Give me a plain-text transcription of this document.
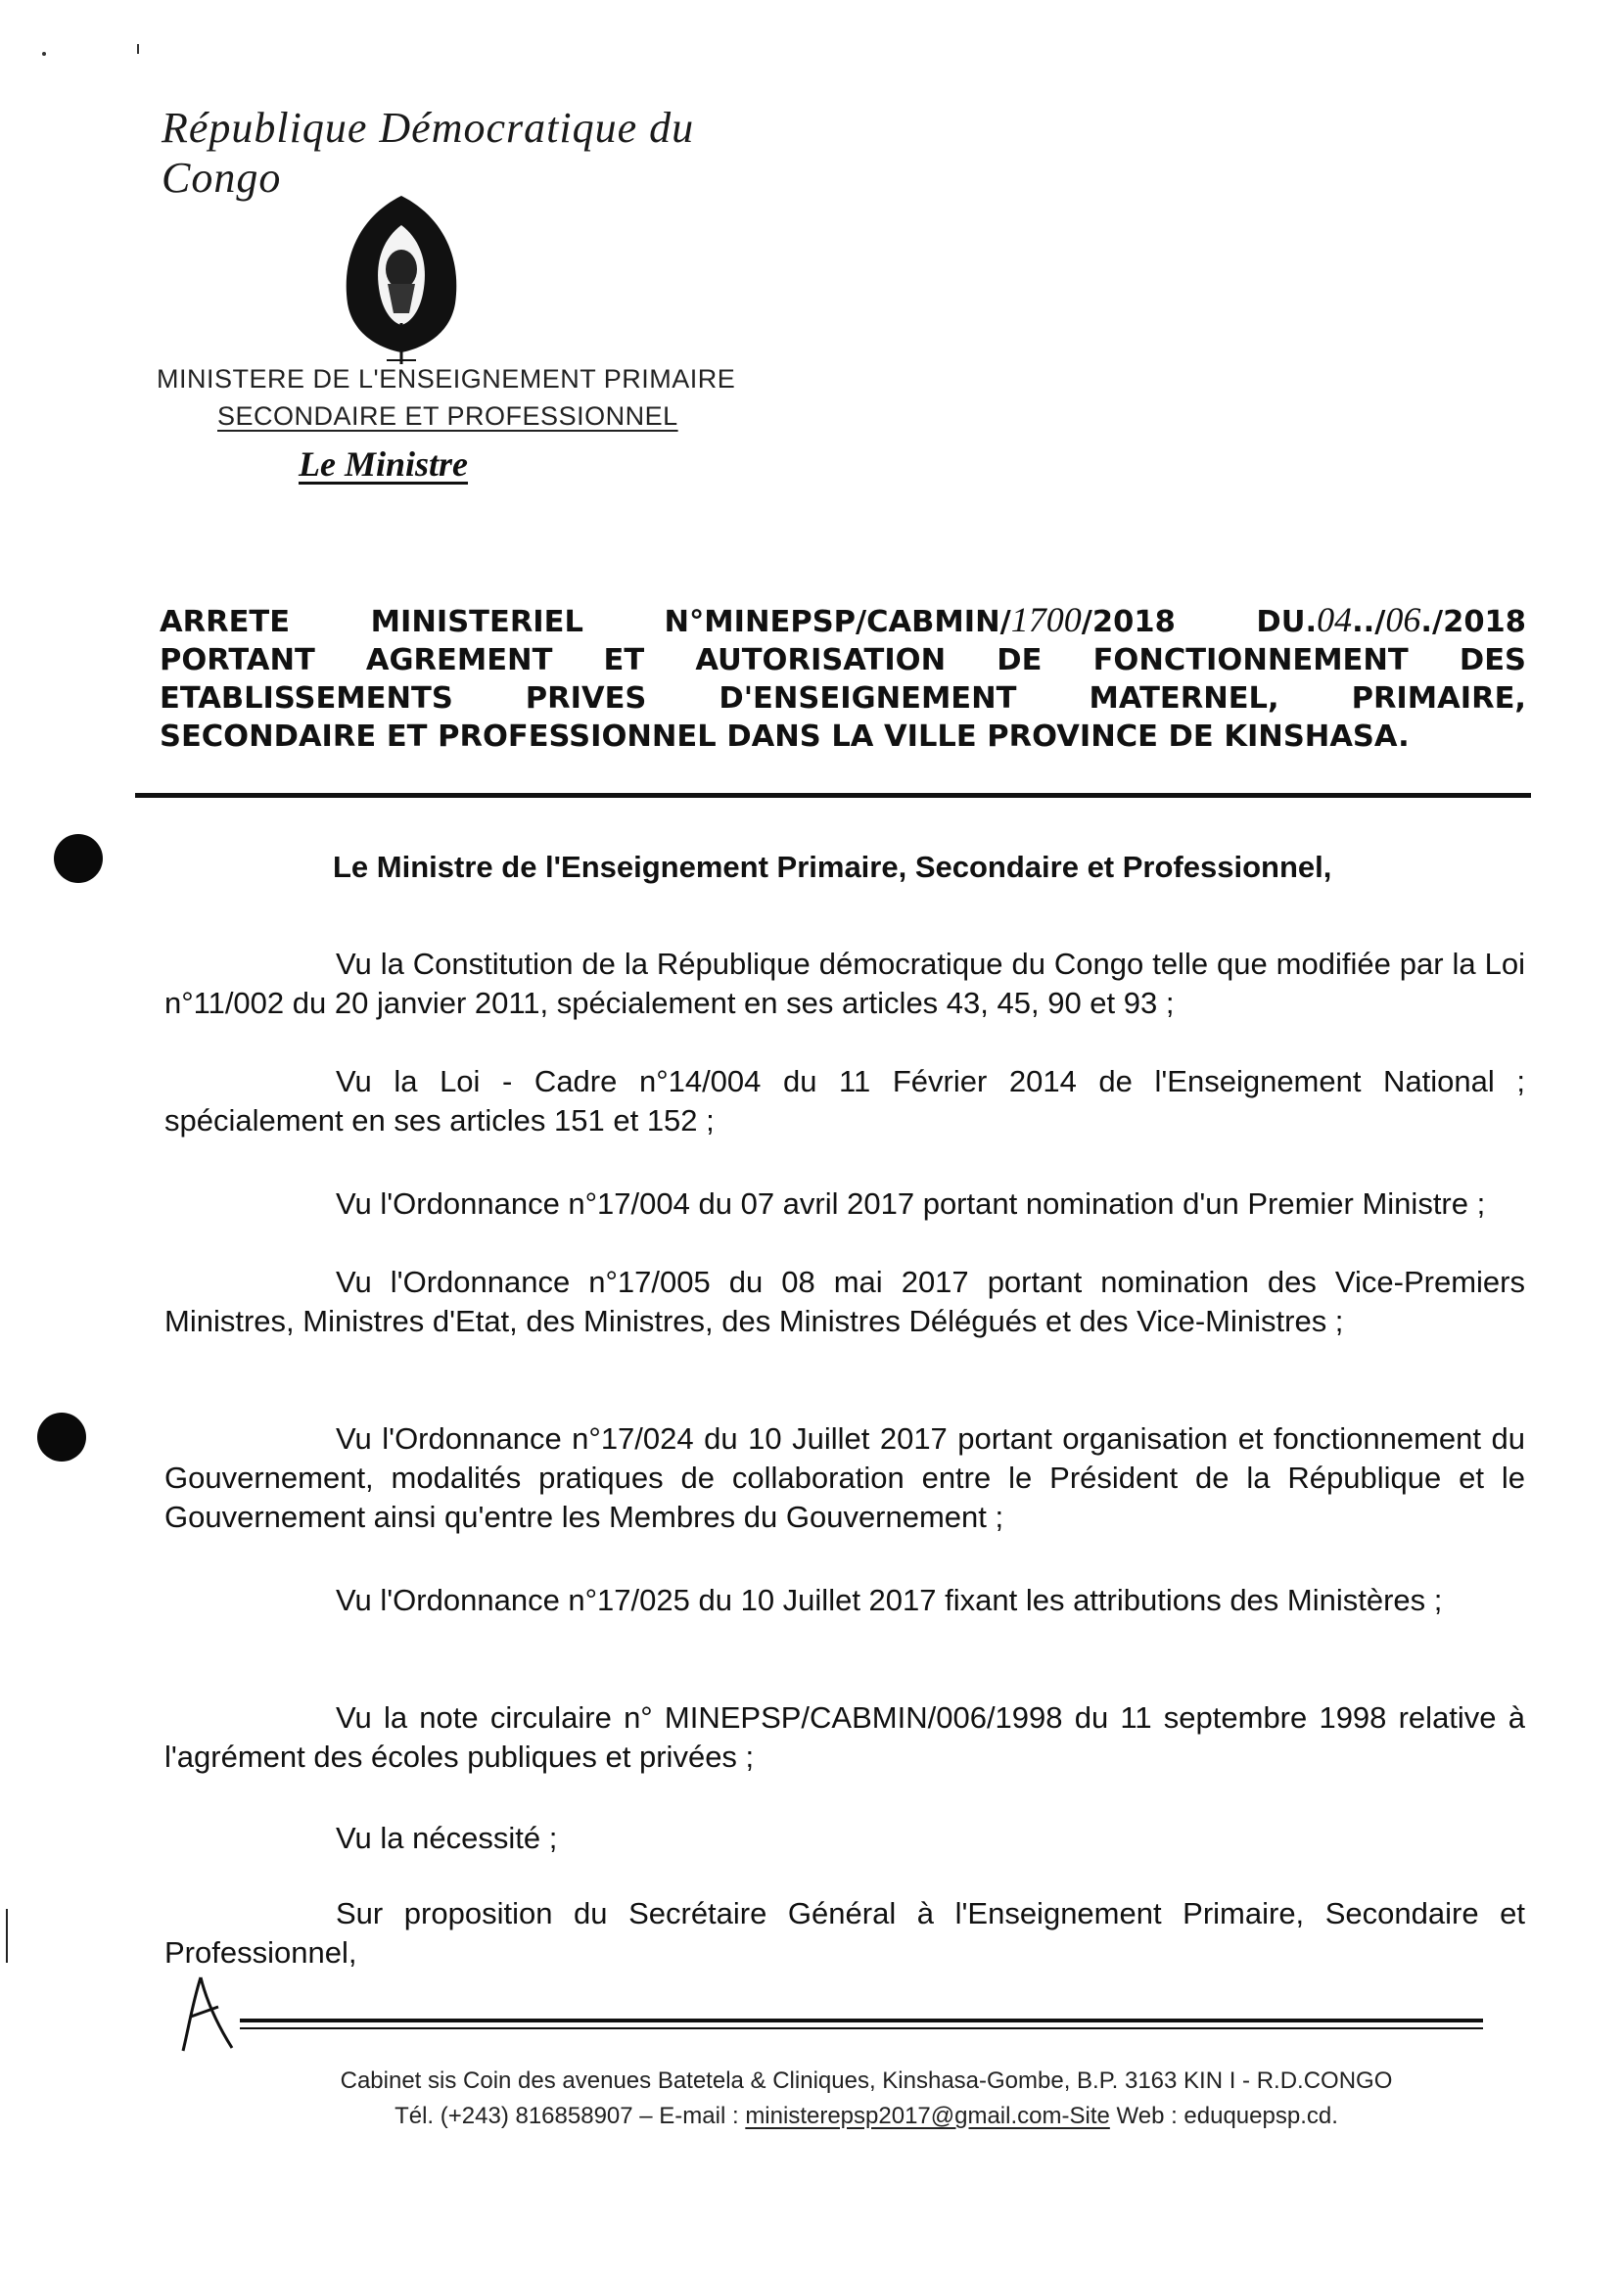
République Démocratique du Congo
MINISTERE DE L'ENSEIGNEMENT PRIMAIRE
SECONDAIRE ET PROFESSIONNEL
Le Ministre
ARRETE MINISTERIEL N°MINEPSP/CABMIN/1700/2018 DU.04../06./2018
PORTANT AGREMENT ET AUTORISATION DE FONCTIONNEMENT DES
ETABLISSEMENTS PRIVES D'ENSEIGNEMENT MATERNEL, PRIMAIRE,
SECONDAIRE ET PROFESSIONNEL DANS LA VILLE PROVINCE DE KINSHASA.
Le Ministre de l'Enseignement Primaire, Secondaire et Professionnel,
Vu la Constitution de la République démocratique du Congo telle que modifiée par la Loi n°11/002 du 20 janvier 2011, spécialement en ses articles 43, 45, 90 et 93 ;
Vu la Loi - Cadre n°14/004 du 11 Février 2014 de l'Enseignement National ; spécialement en ses articles 151 et 152 ;
Vu l'Ordonnance n°17/004 du 07 avril 2017 portant nomination d'un Premier Ministre ;
Vu l'Ordonnance n°17/005 du 08 mai 2017 portant nomination des Vice-Premiers Ministres, Ministres d'Etat, des Ministres, des Ministres Délégués et des Vice-Ministres ;
Vu l'Ordonnance n°17/024 du 10 Juillet 2017 portant organisation et fonctionnement du Gouvernement, modalités pratiques de collaboration entre le Président de la République et le Gouvernement ainsi qu'entre les Membres du Gouvernement ;
Vu l'Ordonnance n°17/025 du 10 Juillet 2017 fixant les attributions des Ministères ;
Vu la note circulaire n° MINEPSP/CABMIN/006/1998 du 11 septembre 1998 relative à l'agrément des écoles publiques et privées ;
Vu la nécessité ;
Sur proposition du Secrétaire Général à l'Enseignement Primaire, Secondaire et Professionnel,
Cabinet sis Coin des avenues Batetela & Cliniques, Kinshasa-Gombe, B.P. 3163 KIN I - R.D.CONGO
Tél. (+243) 816858907 – E-mail : ministerepsp2017@gmail.com-Site Web : eduquepsp.cd.
